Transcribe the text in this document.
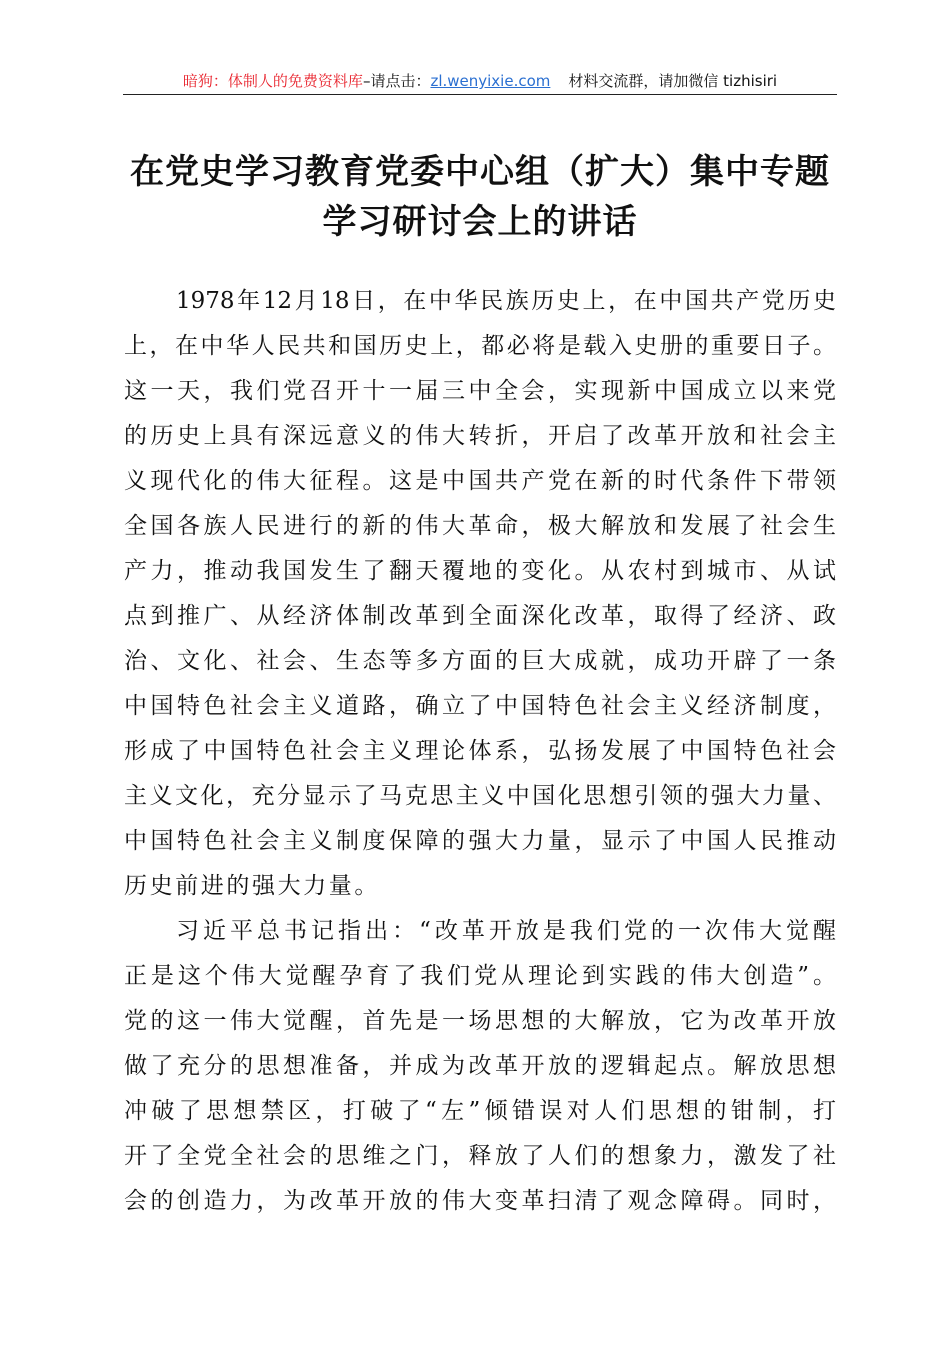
暗狗：体制人的免费资料库–请点击：zl.wenyixie.com 材料交流群，请加微信 tizhisiri
在党史学习教育党委中心组（扩大）集中专题
学习研讨会上的讲话
1978年12月18日，在中华民族历史上，在中国共产党历史
上，在中华人民共和国历史上，都必将是载入史册的重要日子。
这一天，我们党召开十一届三中全会，实现新中国成立以来党
的历史上具有深远意义的伟大转折，开启了改革开放和社会主
义现代化的伟大征程。这是中国共产党在新的时代条件下带领
全国各族人民进行的新的伟大革命，极大解放和发展了社会生
产力，推动我国发生了翻天覆地的变化。从农村到城市、从试
点到推广、从经济体制改革到全面深化改革，取得了经济、政
治、文化、社会、生态等多方面的巨大成就，成功开辟了一条
中国特色社会主义道路，确立了中国特色社会主义经济制度，
形成了中国特色社会主义理论体系，弘扬发展了中国特色社会
主义文化，充分显示了马克思主义中国化思想引领的强大力量、
中国特色社会主义制度保障的强大力量，显示了中国人民推动
历史前进的强大力量。
习近平总书记指出：“改革开放是我们党的一次伟大觉醒
正是这个伟大觉醒孕育了我们党从理论到实践的伟大创造”。
党的这一伟大觉醒，首先是一场思想的大解放，它为改革开放
做了充分的思想准备，并成为改革开放的逻辑起点。解放思想
冲破了思想禁区，打破了“左”倾错误对人们思想的钳制，打
开了全党全社会的思维之门，释放了人们的想象力，激发了社
会的创造力，为改革开放的伟大变革扫清了观念障碍。同时，
